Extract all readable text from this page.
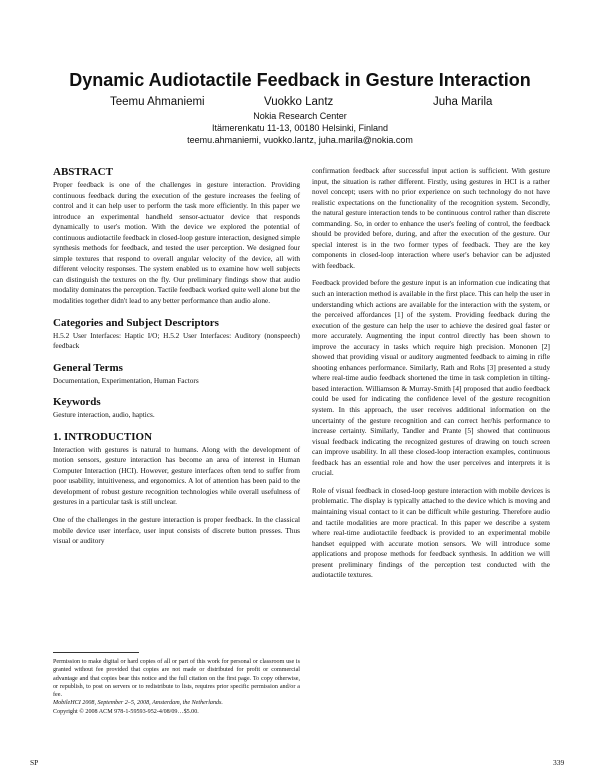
Dynamic Audiotactile Feedback in Gesture Interaction
Teemu Ahmaniemi	Vuokko Lantz	Juha Marila
Nokia Research Center
Itämerenkatu 11-13, 00180 Helsinki, Finland
teemu.ahmaniemi, vuokko.lantz, juha.marila@nokia.com
ABSTRACT

Proper feedback is one of the challenges in gesture interaction. Providing continuous feedback during the execution of the gesture increases the feeling of control and it can help user to perform the task more efficiently. In this paper we introduce an experimental handheld sensor-actuator device that responds dynamically to user's motion. With the device we explored the potential of continuous audiotactile feedback in closed-loop gesture interaction, designed simple synthesis methods for feedback, and tested the user perception. We designed four simple textures that respond to overall angular velocity of the device, all with different velocity responses. The system enabled us to examine how well subjects can distinguish the textures on the fly. Our preliminary findings show that audio modality dominates the perception. Tactile feedback worked quite well alone but the modalities together didn't lead to any better performance than audio alone.

Categories and Subject Descriptors

H.5.2 User Interfaces: Haptic I/O; H.5.2 User Interfaces: Auditory (nonspeech) feedback

General Terms

Documentation, Experimentation, Human Factors

Keywords

Gesture interaction, audio, haptics.

1. INTRODUCTION

Interaction with gestures is natural to humans. Along with the development of motion sensors, gesture interaction has become an area of interest in Human Computer Interaction (HCI). However, gesture interfaces often tend to suffer from poor usability, intuitiveness, and ergonomics. A lot of attention has been paid to the development of robust gesture recognition technologies while overall usefulness of gestures in a particular task is still unclear.

One of the challenges in the gesture interaction is proper feedback. In the classical mobile device user interface, user input consists of discrete button presses. Thus visual or auditory

Permission to make digital or hard copies of all or part of this work for personal or classroom use is granted without fee provided that copies are not made or distributed for profit or commercial advantage and that copies bear this notice and the full citation on the first page. To copy otherwise, or republish, to post on servers or to redistribute to lists, requires prior specific permission and/or a fee.
MobileHCI 2008, September 2–5, 2008, Amsterdam, the Netherlands.
Copyright © 2008 ACM 978-1-59593-952-4/08/09…$5.00.

confirmation feedback after successful input action is sufficient. With gesture input, the situation is rather different. Firstly, using gestures in HCI is a rather novel concept; users with no prior experience on such technology do not have realistic expectations on the functionality of the recognition system. Secondly, the natural gesture interaction tends to be continuous control rather than discrete commanding. So, in order to enhance the user's feeling of control, the feedback should be provided before, during, and after the execution of the gesture. Our special interest is in the two former types of feedback. They are the key components in closed-loop interaction where user's behavior can be adjusted with feedback.

Feedback provided before the gesture input is an information cue indicating that such an interaction method is available in the first place. This can help the user in understanding which actions are available for the interaction with the system, or the perceived affordances [1] of the system. Providing feedback during the execution of the gesture can help the user to achieve the desired goal faster or more accurately. Augmenting the input control directly has been shown to improve the accuracy in tasks which require high precision. Mononen [2] showed that providing visual or auditory augmented feedback to aiming in rifle shooting enhances performance. Similarly, Rath and Rohs [3] presented a study where real-time audio feedback shortened the time in task completion in tilting-based interaction. Williamson & Murray-Smith [4] proposed that audio feedback could be used for indicating the confidence level of the gesture recognition system. In this approach, the user receives additional information on the uncertainty of the gesture recognition and can correct her/his performance to increase certainty. Similarly, Tandler and Prante [5] showed that continuous visual feedback indicating the recognized gestures of drawing on touch screen can improve usability. In all these closed-loop interaction examples, continuous feedback has an essential role and how the user perceives and interprets it is crucial.

Role of visual feedback in closed-loop gesture interaction with mobile devices is problematic. The display is typically attached to the device which is moving and maintaining visual contact to it can be difficult while gesturing. Therefore audio and tactile modalities are more practical. In this paper we describe a system where real-time audiotactile feedback is provided to an experimental mobile handset equipped with accurate motion sensors. We will introduce some applications and propose methods for feedback synthesis. In addition we will present preliminary findings of the perception test conducted with the audiotactile textures.

SP	339
